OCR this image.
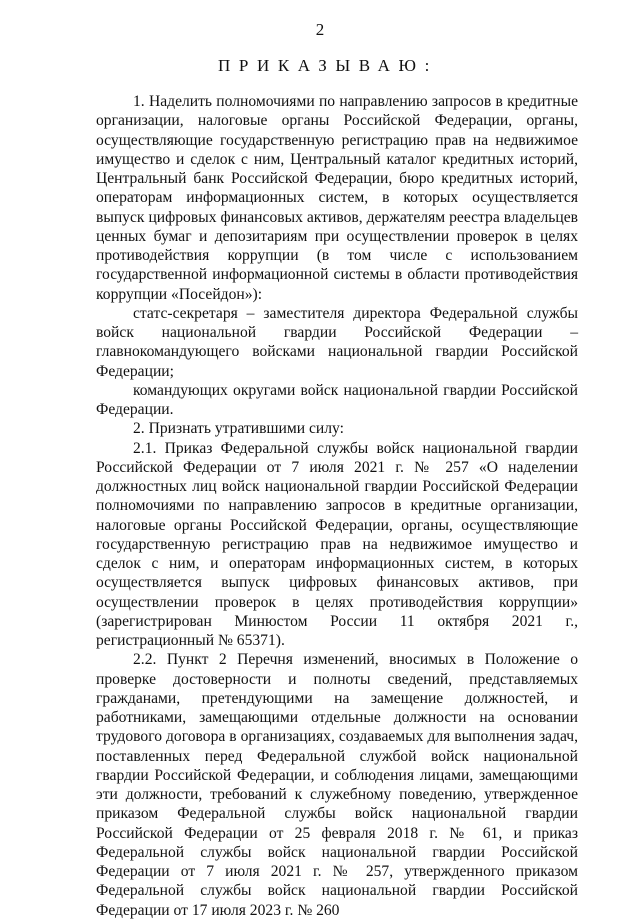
2
ПРИКАЗЫВАЮ:

1. Наделить полномочиями по направлению запросов в кредитные организации, налоговые органы Российской Федерации, органы, осуществляющие государственную регистрацию прав на недвижимое имущество и сделок с ним, Центральный каталог кредитных историй, Центральный банк Российской Федерации, бюро кредитных историй, операторам информационных систем, в которых осуществляется выпуск цифровых финансовых активов, держателям реестра владельцев ценных бумаг и депозитариям при осуществлении проверок в целях противодействия коррупции (в том числе с использованием государственной информационной системы в области противодействия коррупции «Посейдон»):

статс-секретаря – заместителя директора Федеральной службы войск национальной гвардии Российской Федерации – главнокомандующего войсками национальной гвардии Российской Федерации;

командующих округами войск национальной гвардии Российской Федерации.

2. Признать утратившими силу:

2.1. Приказ Федеральной службы войск национальной гвардии Российской Федерации от 7 июля 2021 г. № 257 «О наделении должностных лиц войск национальной гвардии Российской Федерации полномочиями по направлению запросов в кредитные организации, налоговые органы Российской Федерации, органы, осуществляющие государственную регистрацию прав на недвижимое имущество и сделок с ним, и операторам информационных систем, в которых осуществляется выпуск цифровых финансовых активов, при осуществлении проверок в целях противодействия коррупции» (зарегистрирован Минюстом России 11 октября 2021 г., регистрационный № 65371).

2.2. Пункт 2 Перечня изменений, вносимых в Положение о проверке достоверности и полноты сведений, представляемых гражданами, претендующими на замещение должностей, и работниками, замещающими отдельные должности на основании трудового договора в организациях, создаваемых для выполнения задач, поставленных перед Федеральной службой войск национальной гвардии Российской Федерации, и соблюдения лицами, замещающими эти должности, требований к служебному поведению, утвержденное приказом Федеральной службы войск национальной гвардии Российской Федерации от 25 февраля 2018 г. № 61, и приказ Федеральной службы войск национальной гвардии Российской Федерации от 7 июля 2021 г. № 257, утвержденного приказом Федеральной службы войск национальной гвардии Российской Федерации от 17 июля 2023 г. № 260
